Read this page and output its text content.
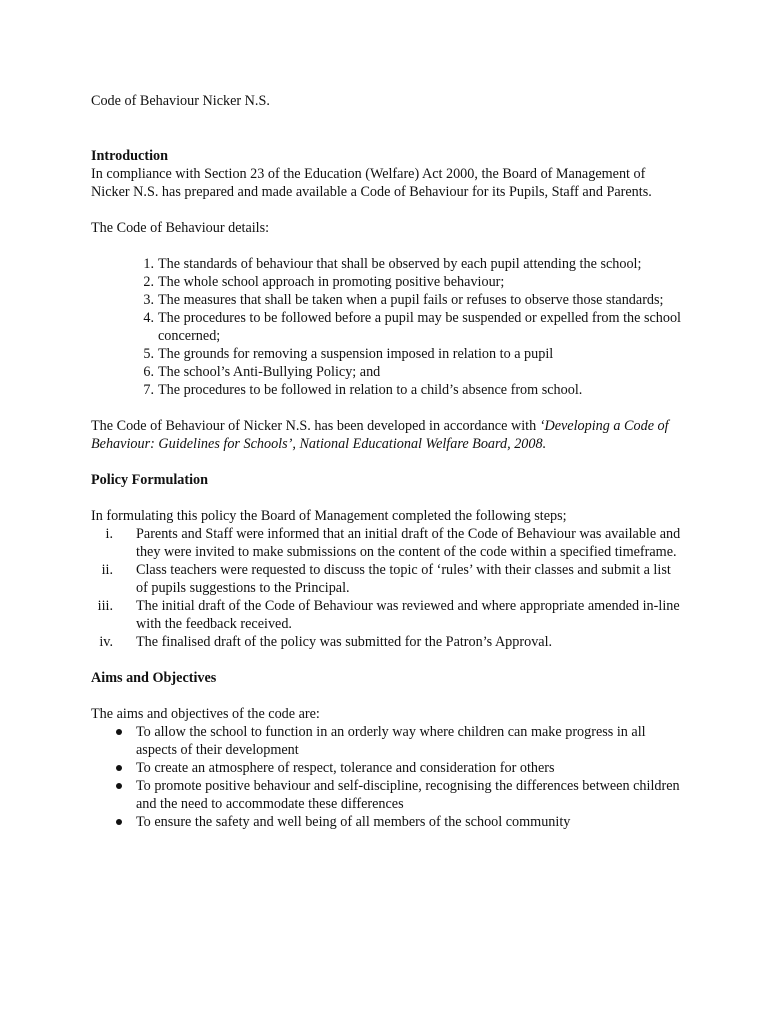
Code of Behaviour Nicker N.S.

Introduction

In compliance with Section 23 of the Education (Welfare) Act 2000, the Board of Management of Nicker N.S. has prepared and made available a Code of Behaviour for its Pupils, Staff and Parents.

The Code of Behaviour details:

1. The standards of behaviour that shall be observed by each pupil attending the school;
2. The whole school approach in promoting positive behaviour;
3. The measures that shall be taken when a pupil fails or refuses to observe those standards;
4. The procedures to be followed before a pupil may be suspended or expelled from the school concerned;
5. The grounds for removing a suspension imposed in relation to a pupil
6. The school’s Anti-Bullying Policy; and
7. The procedures to be followed in relation to a child’s absence from school.

The Code of Behaviour of Nicker N.S. has been developed in accordance with ‘Developing a Code of Behaviour: Guidelines for Schools’, National Educational Welfare Board, 2008.

Policy Formulation

In formulating this policy the Board of Management completed the following steps;

i. Parents and Staff were informed that an initial draft of the Code of Behaviour was available and they were invited to make submissions on the content of the code within a specified timeframe.
ii. Class teachers were requested to discuss the topic of ‘rules’ with their classes and submit a list of pupils suggestions to the Principal.
iii. The initial draft of the Code of Behaviour was reviewed and where appropriate amended in-line with the feedback received.
iv. The finalised draft of the policy was submitted for the Patron’s Approval.

Aims and Objectives

The aims and objectives of the code are:

To allow the school to function in an orderly way where children can make progress in all aspects of their development
To create an atmosphere of respect, tolerance and consideration for others
To promote positive behaviour and self-discipline, recognising the differences between children and the need to accommodate these differences
To ensure the safety and well being of all members of the school community
